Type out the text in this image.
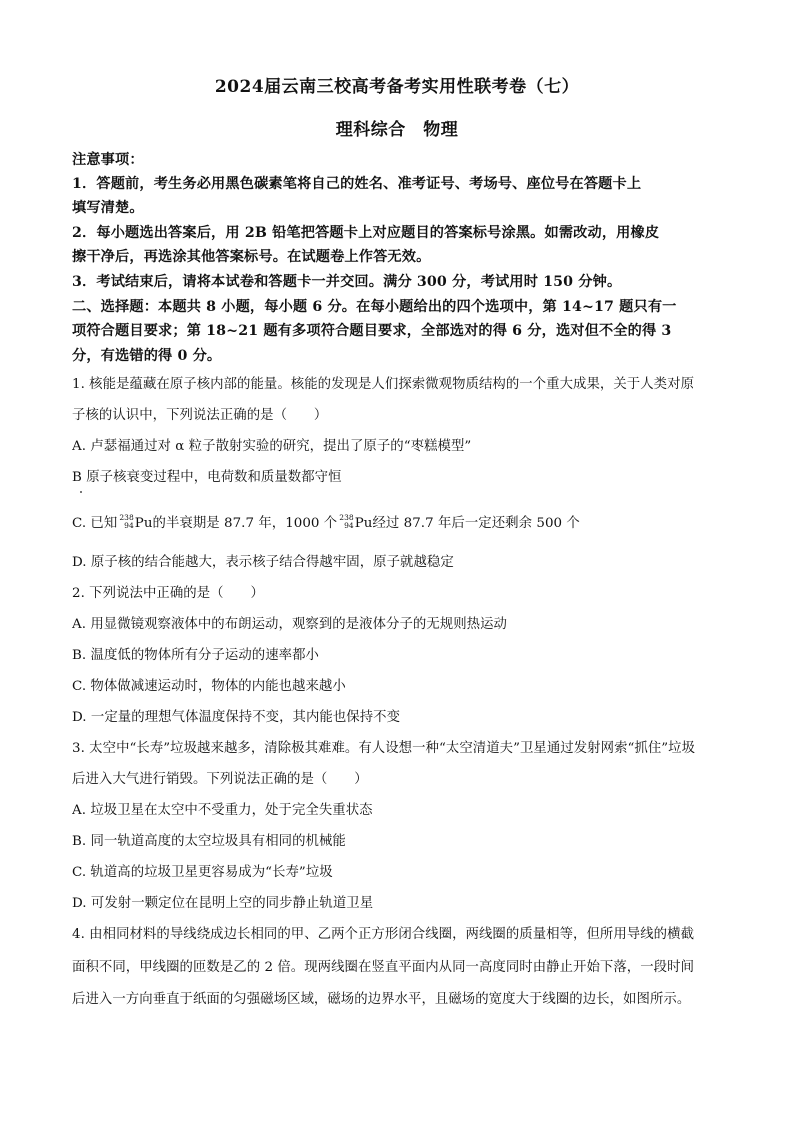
2024届云南三校高考备考实用性联考卷（七）
理科综合　物理
注意事项：
1．答题前，考生务必用黑色碳素笔将自己的姓名、准考证号、考场号、座位号在答题卡上
填写清楚。
2．每小题选出答案后，用 2B 铅笔把答题卡上对应题目的答案标号涂黑。如需改动，用橡皮
擦干净后，再选涂其他答案标号。在试题卷上作答无效。
3．考试结束后，请将本试卷和答题卡一并交回。满分 300 分，考试用时 150 分钟。
二、选择题：本题共 8 小题，每小题 6 分。在每小题给出的四个选项中，第 14~17 题只有一
项符合题目要求；第 18~21 题有多项符合题目要求，全部选对的得 6 分，选对但不全的得 3
分，有选错的得 0 分。
1. 核能是蕴藏在原子核内部的能量。核能的发现是人们探索微观物质结构的一个重大成果，关于人类对原
子核的认识中，下列说法正确的是（　　）
A. 卢瑟福通过对 α 粒子散射实验的研究，提出了原子的“枣糕模型”
B 原子核衰变过程中，电荷数和质量数都守恒
C. 已知 238
94 Pu的半衰期是 87.7 年，1000 个 238
94 Pu经过 87.7 年后一定还剩余 500 个
D. 原子核的结合能越大，表示核子结合得越牢固，原子就越稳定
2. 下列说法中正确的是（　　）
A. 用显微镜观察液体中的布朗运动，观察到的是液体分子的无规则热运动
B. 温度低的物体所有分子运动的速率都小
C. 物体做减速运动时，物体的内能也越来越小
D. 一定量的理想气体温度保持不变，其内能也保持不变
3. 太空中“长寿”垃圾越来越多，清除极其难难。有人设想一种“太空清道夫”卫星通过发射网索“抓住”垃圾
后进入大气进行销毁。下列说法正确的是（　　）
A. 垃圾卫星在太空中不受重力，处于完全失重状态
B. 同一轨道高度的太空垃圾具有相同的机械能
C. 轨道高的垃圾卫星更容易成为“长寿”垃圾
D. 可发射一颗定位在昆明上空的同步静止轨道卫星
4. 由相同材料的导线绕成边长相同的甲、乙两个正方形闭合线圈，两线圈的质量相等，但所用导线的横截
面积不同，甲线圈的匝数是乙的 2 倍。现两线圈在竖直平面内从同一高度同时由静止开始下落，一段时间
后进入一方向垂直于纸面的匀强磁场区域，磁场的边界水平，且磁场的宽度大于线圈的边长，如图所示。
